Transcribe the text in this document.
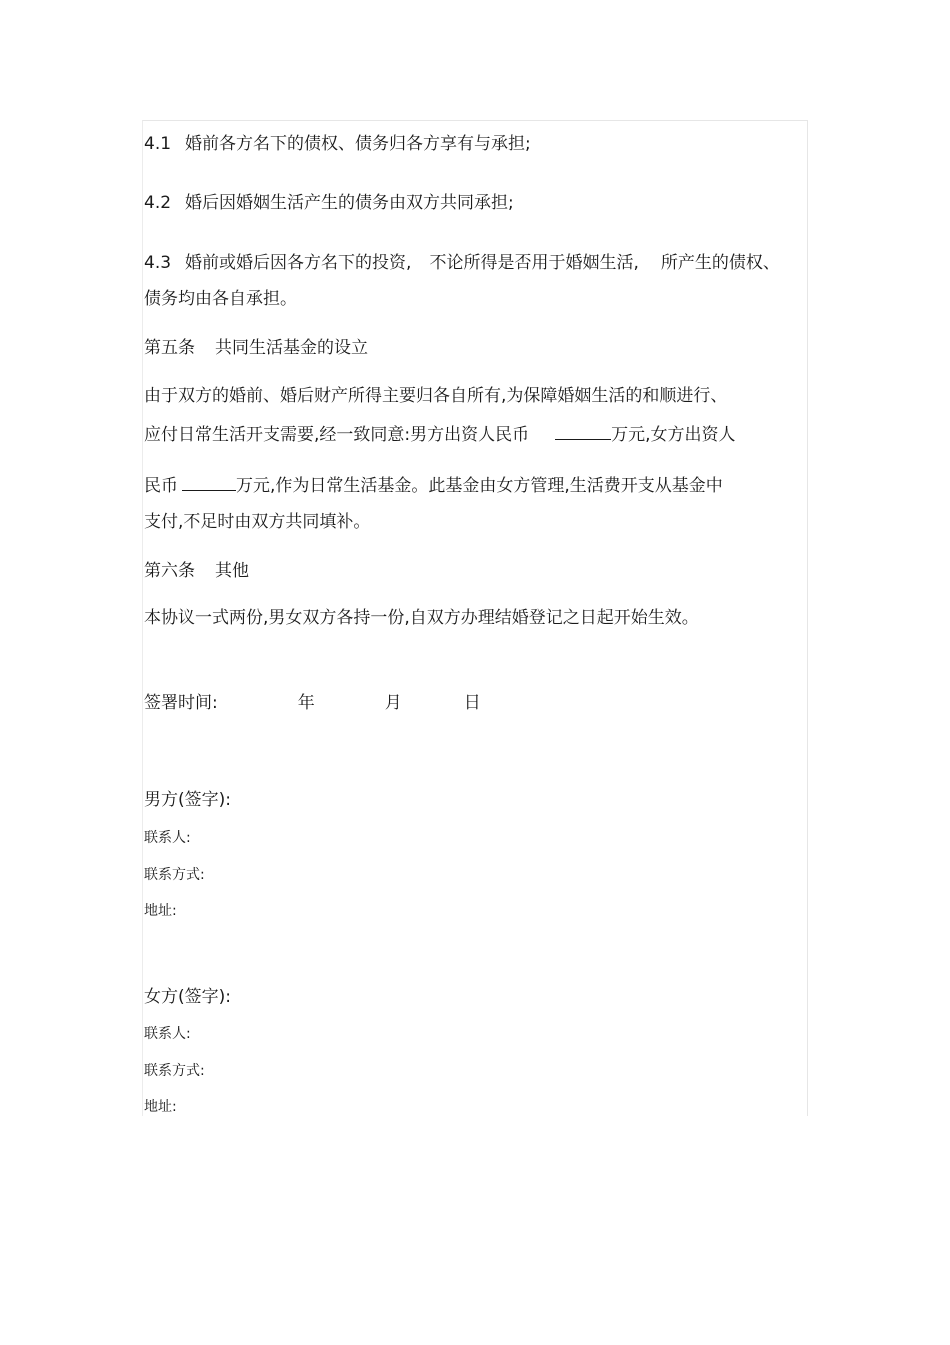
4.1 婚前各方名下的债权、债务归各方享有与承担;
4.2 婚后因婚姻生活产生的债务由双方共同承担;
4.3 婚前或婚后因各方名下的投资, 不论所得是否用于婚姻生活, 所产生的债权、
债务均由各自承担。
第五条 共同生活基金的设立
由于双方的婚前、婚后财产所得主要归各自所有,为保障婚姻生活的和顺进行、
应付日常生活开支需要,经一致同意:男方出资人民币	万元,女方出资人
民币	万元,作为日常生活基金。此基金由女方管理,生活费开支从基金中
支付,不足时由双方共同填补。
第六条 其他
本协议一式两份,男女双方各持一份,自双方办理结婚登记之日起开始生效。
签署时间:	年	月	日
男方(签字):
联系人:
联系方式:
地址:
女方(签字):
联系人:
联系方式:
地址:
